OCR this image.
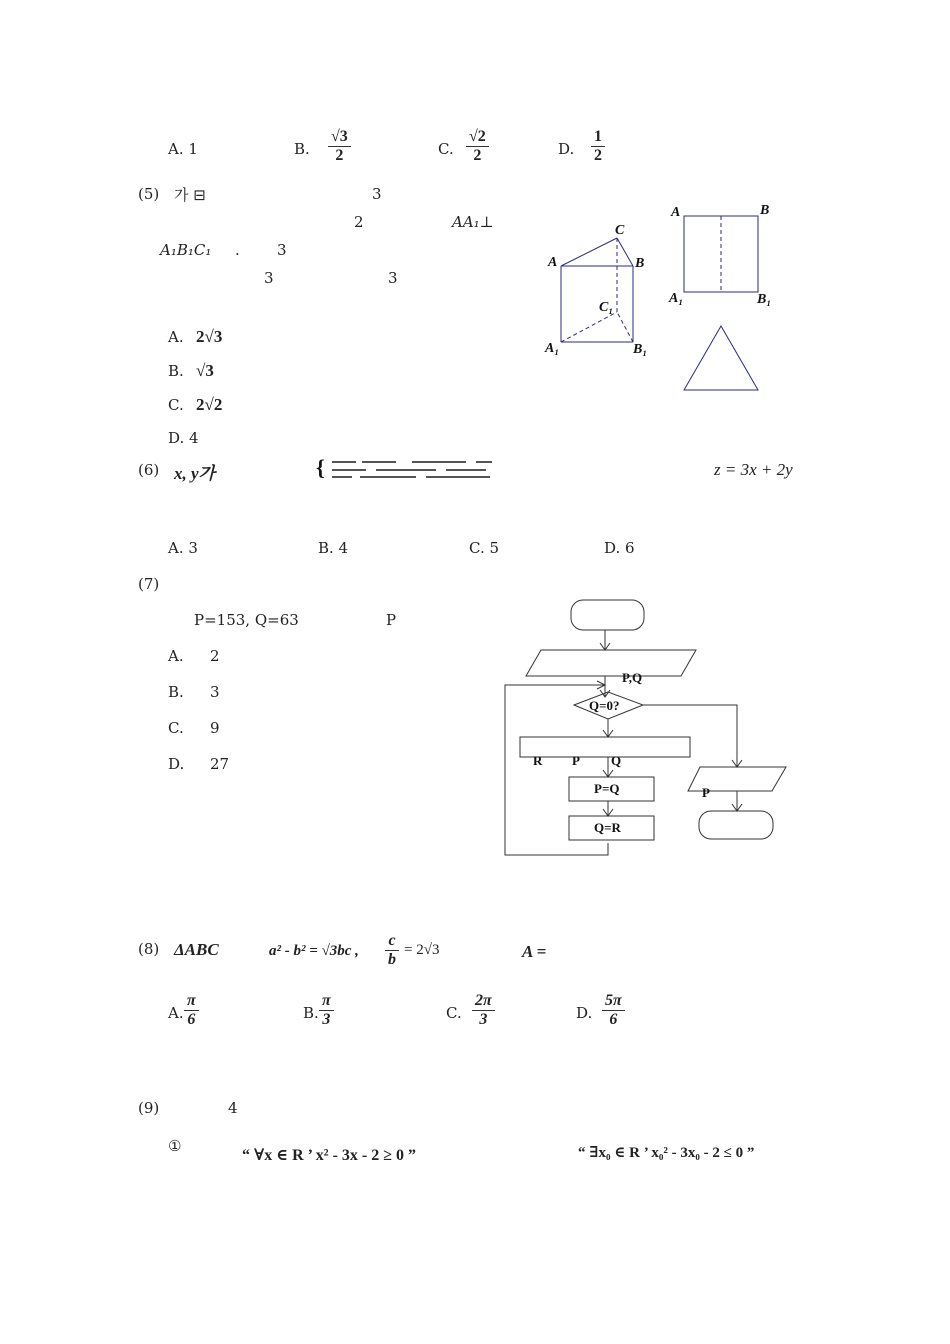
A. 1	B. $\frac{√3}{2}$	C. $\frac{√2}{2}$	D. $\frac{1}{2}$
(5) 가 ⊟	3
2	AA₁⊥
A₁B₁C₁ . 3
3	3
A. 2√3
B. √3
C. 2√2
D. 4
A	B
C
C₁
A₁	B₁
A	B
A₁	B₁
(6) x, y가	{	z = 3x + 2y
A. 3	B. 4	C. 5	D. 6
(7)
P=153, Q=63	P
A. 2
B. 3
C. 9
D. 27
P,Q
Q=0?
R P Q
P=Q
Q=R
P
(8) ΔABC	a² - b² = √3bc , $\frac{c}{b} = 2√3$	A =
A. $\frac{\pi}{6}$	B. $\frac{\pi}{3}$	C. $\frac{2\pi}{3}$	D. $\frac{5\pi}{6}$
(9)	4
①
“ ∀x ∈ R ’ x² - 3x - 2 ≥ 0 ”	“ ∃x₀ ∈ R ’ x₀² - 3x₀ - 2 ≤ 0 ”
